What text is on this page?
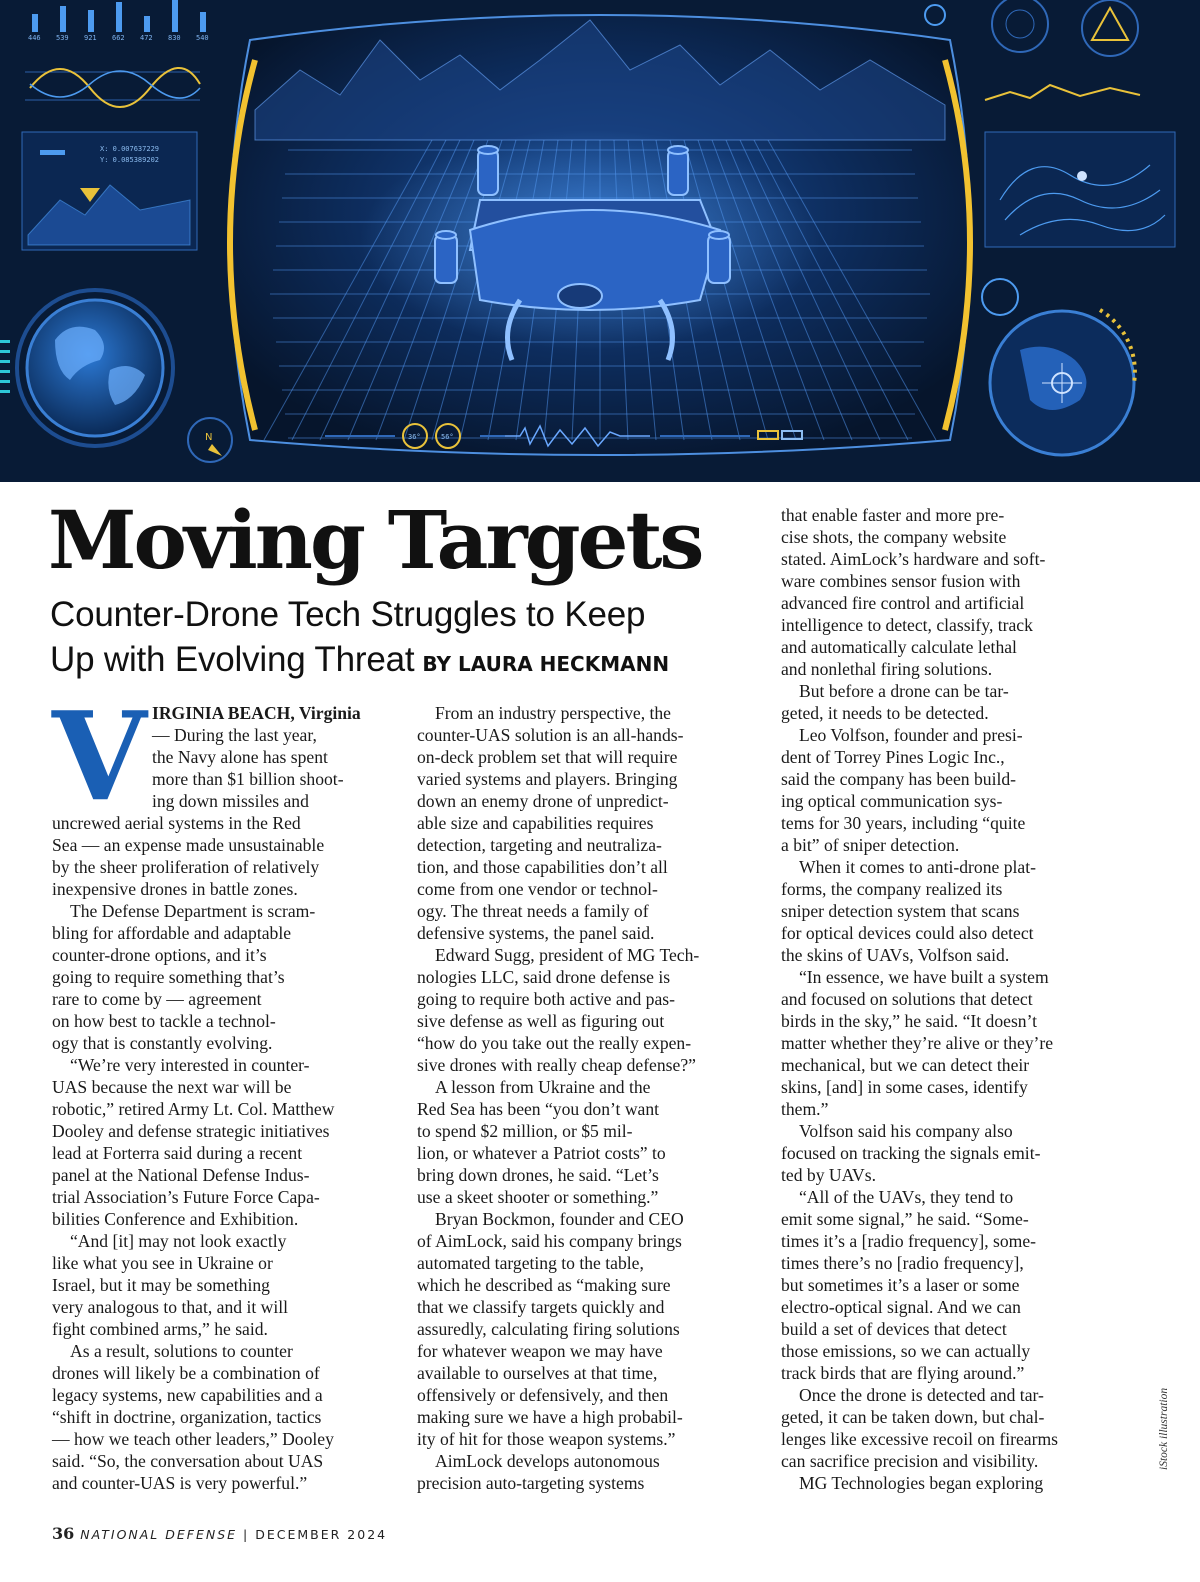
446 539 921 662 472 830 540
X: 0.007637229
Y: 0.085389202
N	36°	56°
Moving Targets
Counter-Drone Tech Struggles to Keep
Up with Evolving Threat BY LAURA HECKMANN
V IRGINIA BEACH, Virginia

— During the last year,

the Navy alone has spent

more than $1 billion shoot-

ing down missiles and

uncrewed aerial systems in the Red

Sea — an expense made unsustainable

by the sheer proliferation of relatively

inexpensive drones in battle zones.

The Defense Department is scram-

bling for affordable and adaptable

counter-drone options, and it’s

going to require something that’s

rare to come by — agreement

on how best to tackle a technol-

ogy that is constantly evolving.

“We’re very interested in counter-

UAS because the next war will be

robotic,” retired Army Lt. Col. Matthew

Dooley and defense strategic initiatives

lead at Forterra said during a recent

panel at the National Defense Indus-

trial Association’s Future Force Capa-

bilities Conference and Exhibition.

“And [it] may not look exactly

like what you see in Ukraine or

Israel, but it may be something

very analogous to that, and it will

fight combined arms,” he said.

As a result, solutions to counter

drones will likely be a combination of

legacy systems, new capabilities and a

“shift in doctrine, organization, tactics

— how we teach other leaders,” Dooley

said. “So, the conversation about UAS

and counter-UAS is very powerful.”

From an industry perspective, the

counter-UAS solution is an all-hands-

on-deck problem set that will require

varied systems and players. Bringing

down an enemy drone of unpredict-

able size and capabilities requires

detection, targeting and neutraliza-

tion, and those capabilities don’t all

come from one vendor or technol-

ogy. The threat needs a family of

defensive systems, the panel said.

Edward Sugg, president of MG Tech-

nologies LLC, said drone defense is

going to require both active and pas-

sive defense as well as figuring out

“how do you take out the really expen-

sive drones with really cheap defense?”

A lesson from Ukraine and the

Red Sea has been “you don’t want

to spend $2 million, or $5 mil-

lion, or whatever a Patriot costs” to

bring down drones, he said. “Let’s

use a skeet shooter or something.”

Bryan Bockmon, founder and CEO

of AimLock, said his company brings

automated targeting to the table,

which he described as “making sure

that we classify targets quickly and

assuredly, calculating firing solutions

for whatever weapon we may have

available to ourselves at that time,

offensively or defensively, and then

making sure we have a high probabil-

ity of hit for those weapon systems.”

AimLock develops autonomous

precision auto-targeting systems

that enable faster and more pre-

cise shots, the company website

stated. AimLock’s hardware and soft-

ware combines sensor fusion with

advanced fire control and artificial

intelligence to detect, classify, track

and automatically calculate lethal

and nonlethal firing solutions.

But before a drone can be tar-

geted, it needs to be detected.

Leo Volfson, founder and presi-

dent of Torrey Pines Logic Inc.,

said the company has been build-

ing optical communication sys-

tems for 30 years, including “quite

a bit” of sniper detection.

When it comes to anti-drone plat-

forms, the company realized its

sniper detection system that scans

for optical devices could also detect

the skins of UAVs, Volfson said.

“In essence, we have built a system

and focused on solutions that detect

birds in the sky,” he said. “It doesn’t

matter whether they’re alive or they’re

mechanical, but we can detect their

skins, [and] in some cases, identify

them.”

Volfson said his company also

focused on tracking the signals emit-

ted by UAVs.

“All of the UAVs, they tend to

emit some signal,” he said. “Some-

times it’s a [radio frequency], some-

times there’s no [radio frequency],

but sometimes it’s a laser or some

electro-optical signal. And we can

build a set of devices that detect

those emissions, so we can actually

track birds that are flying around.”

Once the drone is detected and tar-

geted, it can be taken down, but chal-

lenges like excessive recoil on firearms

can sacrifice precision and visibility.

MG Technologies began exploring

iStock illustration
36 NATIONAL DEFENSE | DECEMBER 2024
